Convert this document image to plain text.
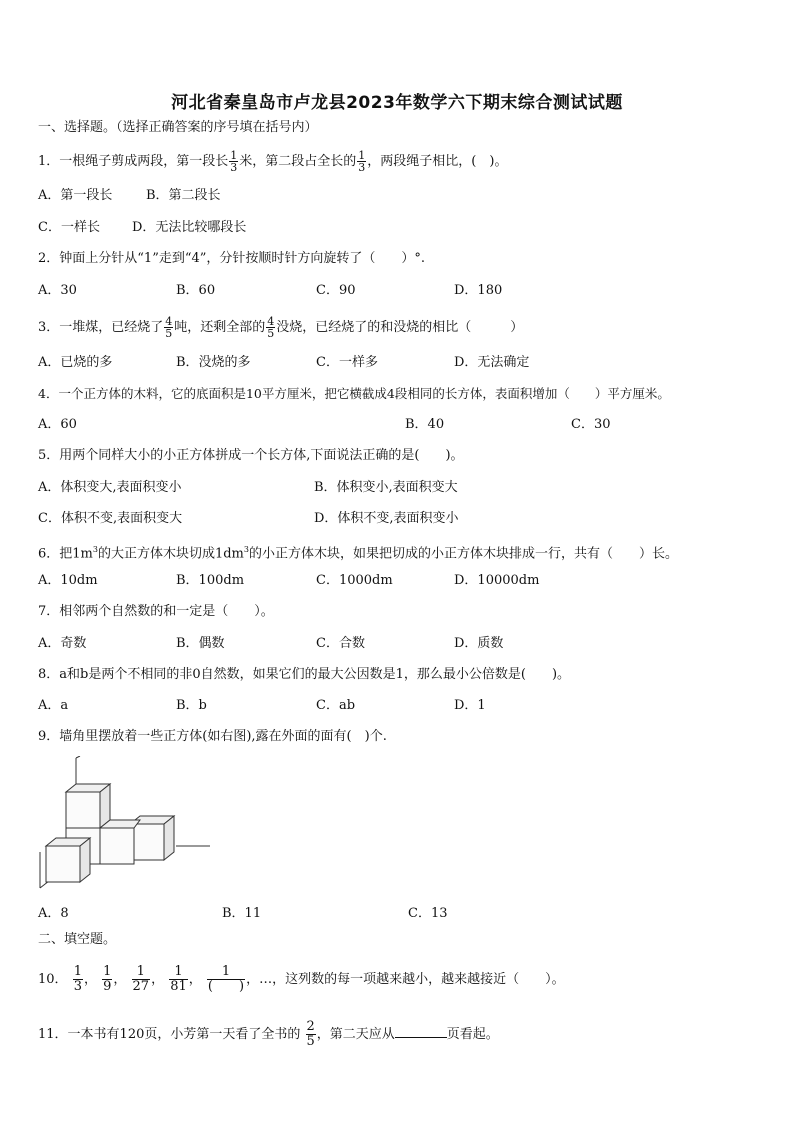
河北省秦皇岛市卢龙县2023年数学六下期末综合测试试题
一、选择题。（选择正确答案的序号填在括号内）
1．一根绳子剪成两段，第一段长 $\frac{1}{3}$ 米，第二段占全长的 $\frac{1}{3}$ ，两段绳子相比，(　)。
A．第一段长	B．第二段长
C．一样长 D．无法比较哪段长
2．钟面上分针从“1”走到“4”，分针按顺时针方向旋转了（　　）°.
A．30	B．60	C．90	D．180
3．一堆煤，已经烧了 $\frac{4}{5}$ 吨，还剩全部的 $\frac{4}{5}$ 没烧，已经烧了的和没烧的相比（　　　）
A．已烧的多	B．没烧的多	C．一样多	D．无法确定
4．一个正方体的木料，它的底面积是10平方厘米，把它横截成4段相同的长方体，表面积增加（　　）平方厘米。
A．60	B．40	C．30
5．用两个同样大小的小正方体拼成一个长方体,下面说法正确的是(　　)。
A．体积变大,表面积变小	B．体积变小,表面积变大
C．体积不变,表面积变大	D．体积不变,表面积变小
6．把$1m^3$的大正方体木块切成$1dm^3$的小正方体木块，如果把切成的小正方体木块排成一行，共有（　　）长。
A．10dm	B．100dm	C．1000dm	D．10000dm
7．相邻两个自然数的和一定是（　　）。
A．奇数	B．偶数	C．合数	D．质数
8．a和b是两个不相同的非0自然数，如果它们的最大公因数是1，那么最小公倍数是(　　)。
A．a	B．b	C．ab	D．1
9．墙角里摆放着一些正方体(如右图),露在外面的面有(　)个.
A．8	B．11	C．13
二、填空题。
10． $\frac{1}{3}$ ， $\frac{1}{9}$ ， $\frac{1}{27}$ ， $\frac{1}{81}$ ， $\frac{1}{( )}$ ，…，这列数的每一项越来越小，越来越接近（　　）。
11．一本书有120页，小芳第一天看了全书的 $\frac{2}{5}$ ，第二天应从	页看起。
